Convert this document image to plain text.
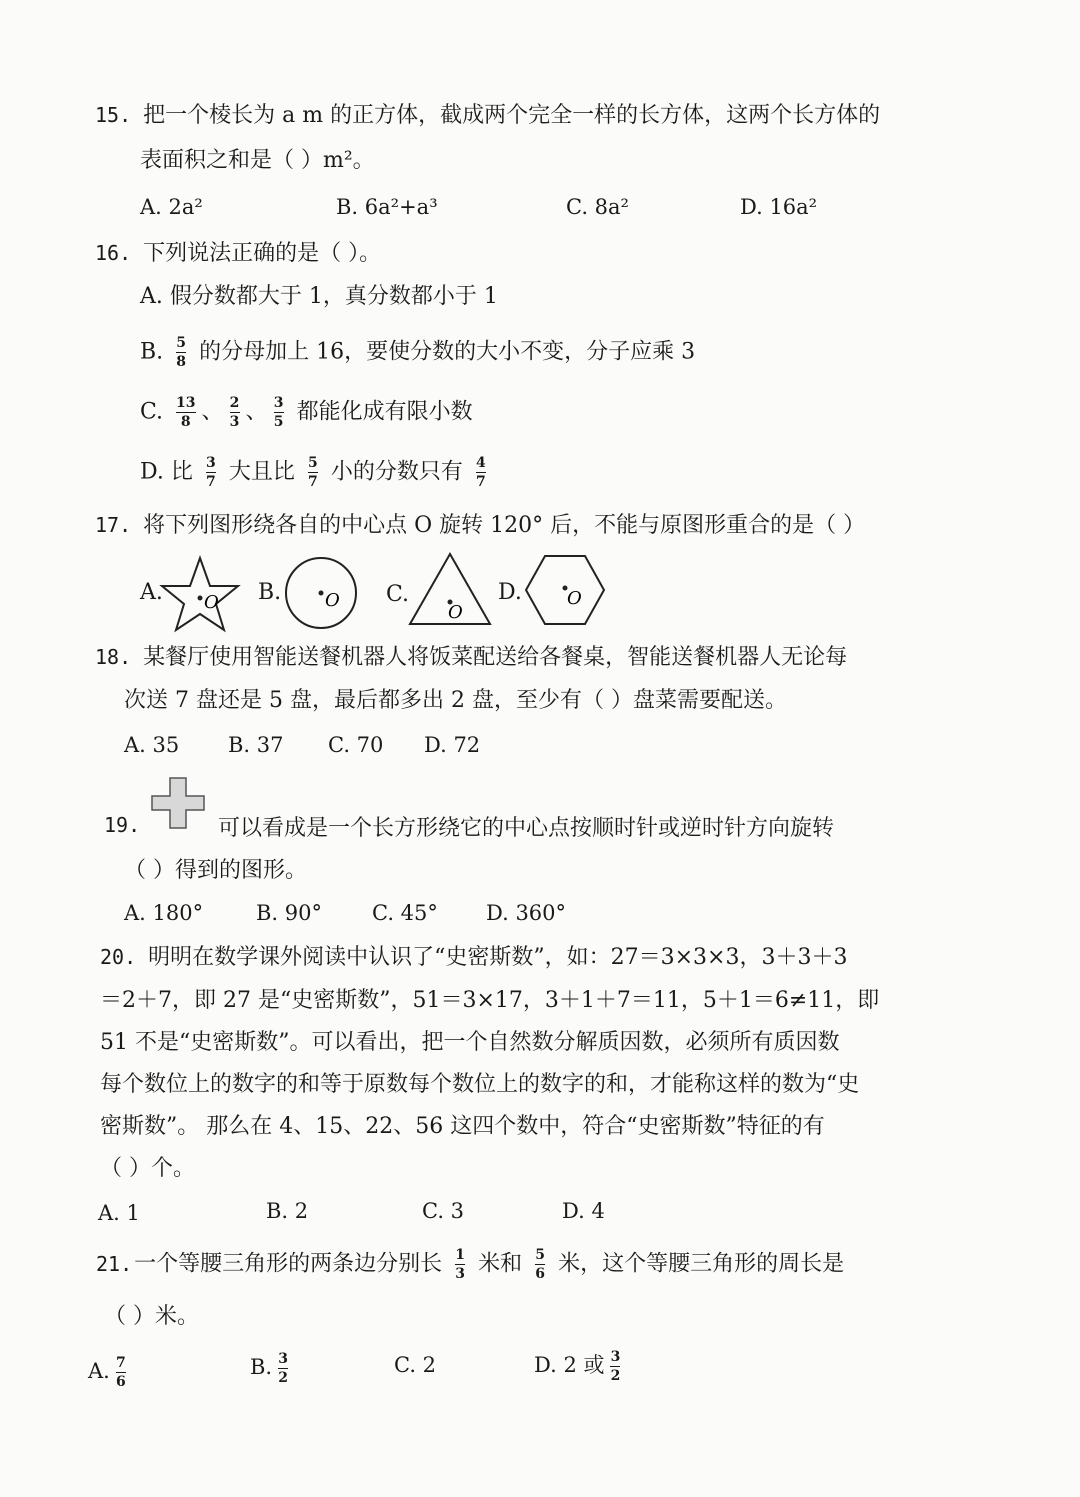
15. 把一个棱长为 a m 的正方体，截成两个完全一样的长方体，这两个长方体的
表面积之和是（ ）m²。
A. 2a²	B. 6a²+a³	C. 8a²	D. 16a²
16. 下列说法正确的是（ ）。
A. 假分数都大于 1，真分数都小于 1
B. $\frac{5}{8}$ 的分母加上 16，要使分数的大小不变，分子应乘 3
C. $\frac{13}{8}$ 、 $\frac{2}{3}$ 、 $\frac{3}{5}$ 都能化成有限小数
D. 比 $\frac{3}{7}$ 大且比 $\frac{5}{7}$ 小的分数只有 $\frac{4}{7}$
17. 将下列图形绕各自的中心点 O 旋转 120° 后，不能与原图形重合的是（ ）
A. O B. O C.
O
D.	O
18. 某餐厅使用智能送餐机器人将饭菜配送给各餐桌，智能送餐机器人无论每
次送 7 盘还是 5 盘，最后都多出 2 盘，至少有（ ）盘菜需要配送。
A. 35 B. 37 C. 70 D. 72
19.	可以看成是一个长方形绕它的中心点按顺时针或逆时针方向旋转
（ ）得到的图形。
A. 180°	B. 90° C. 45° D. 360°
20. 明明在数学课外阅读中认识了“史密斯数”，如：27＝3×3×3，3＋3＋3
＝2＋7，即 27 是“史密斯数”，51＝3×17，3＋1＋7＝11，5＋1＝6≠11，即
51 不是“史密斯数”。可以看出，把一个自然数分解质因数，必须所有质因数
每个数位上的数字的和等于原数每个数位上的数字的和，才能称这样的数为“史
密斯数”。 那么在 4、15、22、56 这四个数中，符合“史密斯数”特征的有
（ ）个。
A. 1	B. 2	C. 3	D. 4
21.一个等腰三角形的两条边分别长 $\frac{1}{3}$ 米和 $\frac{5}{6}$ 米，这个等腰三角形的周长是
（ ）米。
A. $\frac{7}{6}$	B. $\frac{3}{2}$	C. 2	D. 2 或 $\frac{3}{2}$
